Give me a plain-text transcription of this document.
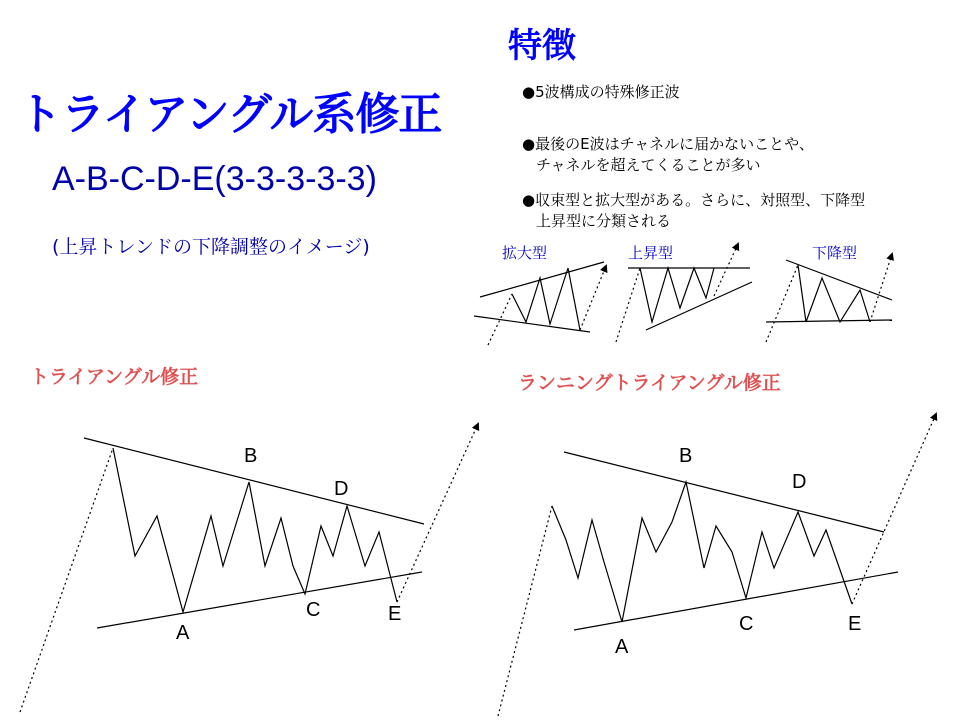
トライアングル系修正
A-B-C-D-E(3-3-3-3-3)
(上昇トレンドの下降調整のイメージ)
特徴
●5波構成の特殊修正波
●最後のE波はチャネルに届かないことや、
チャネルを超えてくることが多い
●収束型と拡大型がある。さらに、対照型、下降型
上昇型に分類される
拡大型	上昇型	下降型
トライアングル修正	ランニングトライアングル修正
B
D
A
C	E
B
D
A
C	E
